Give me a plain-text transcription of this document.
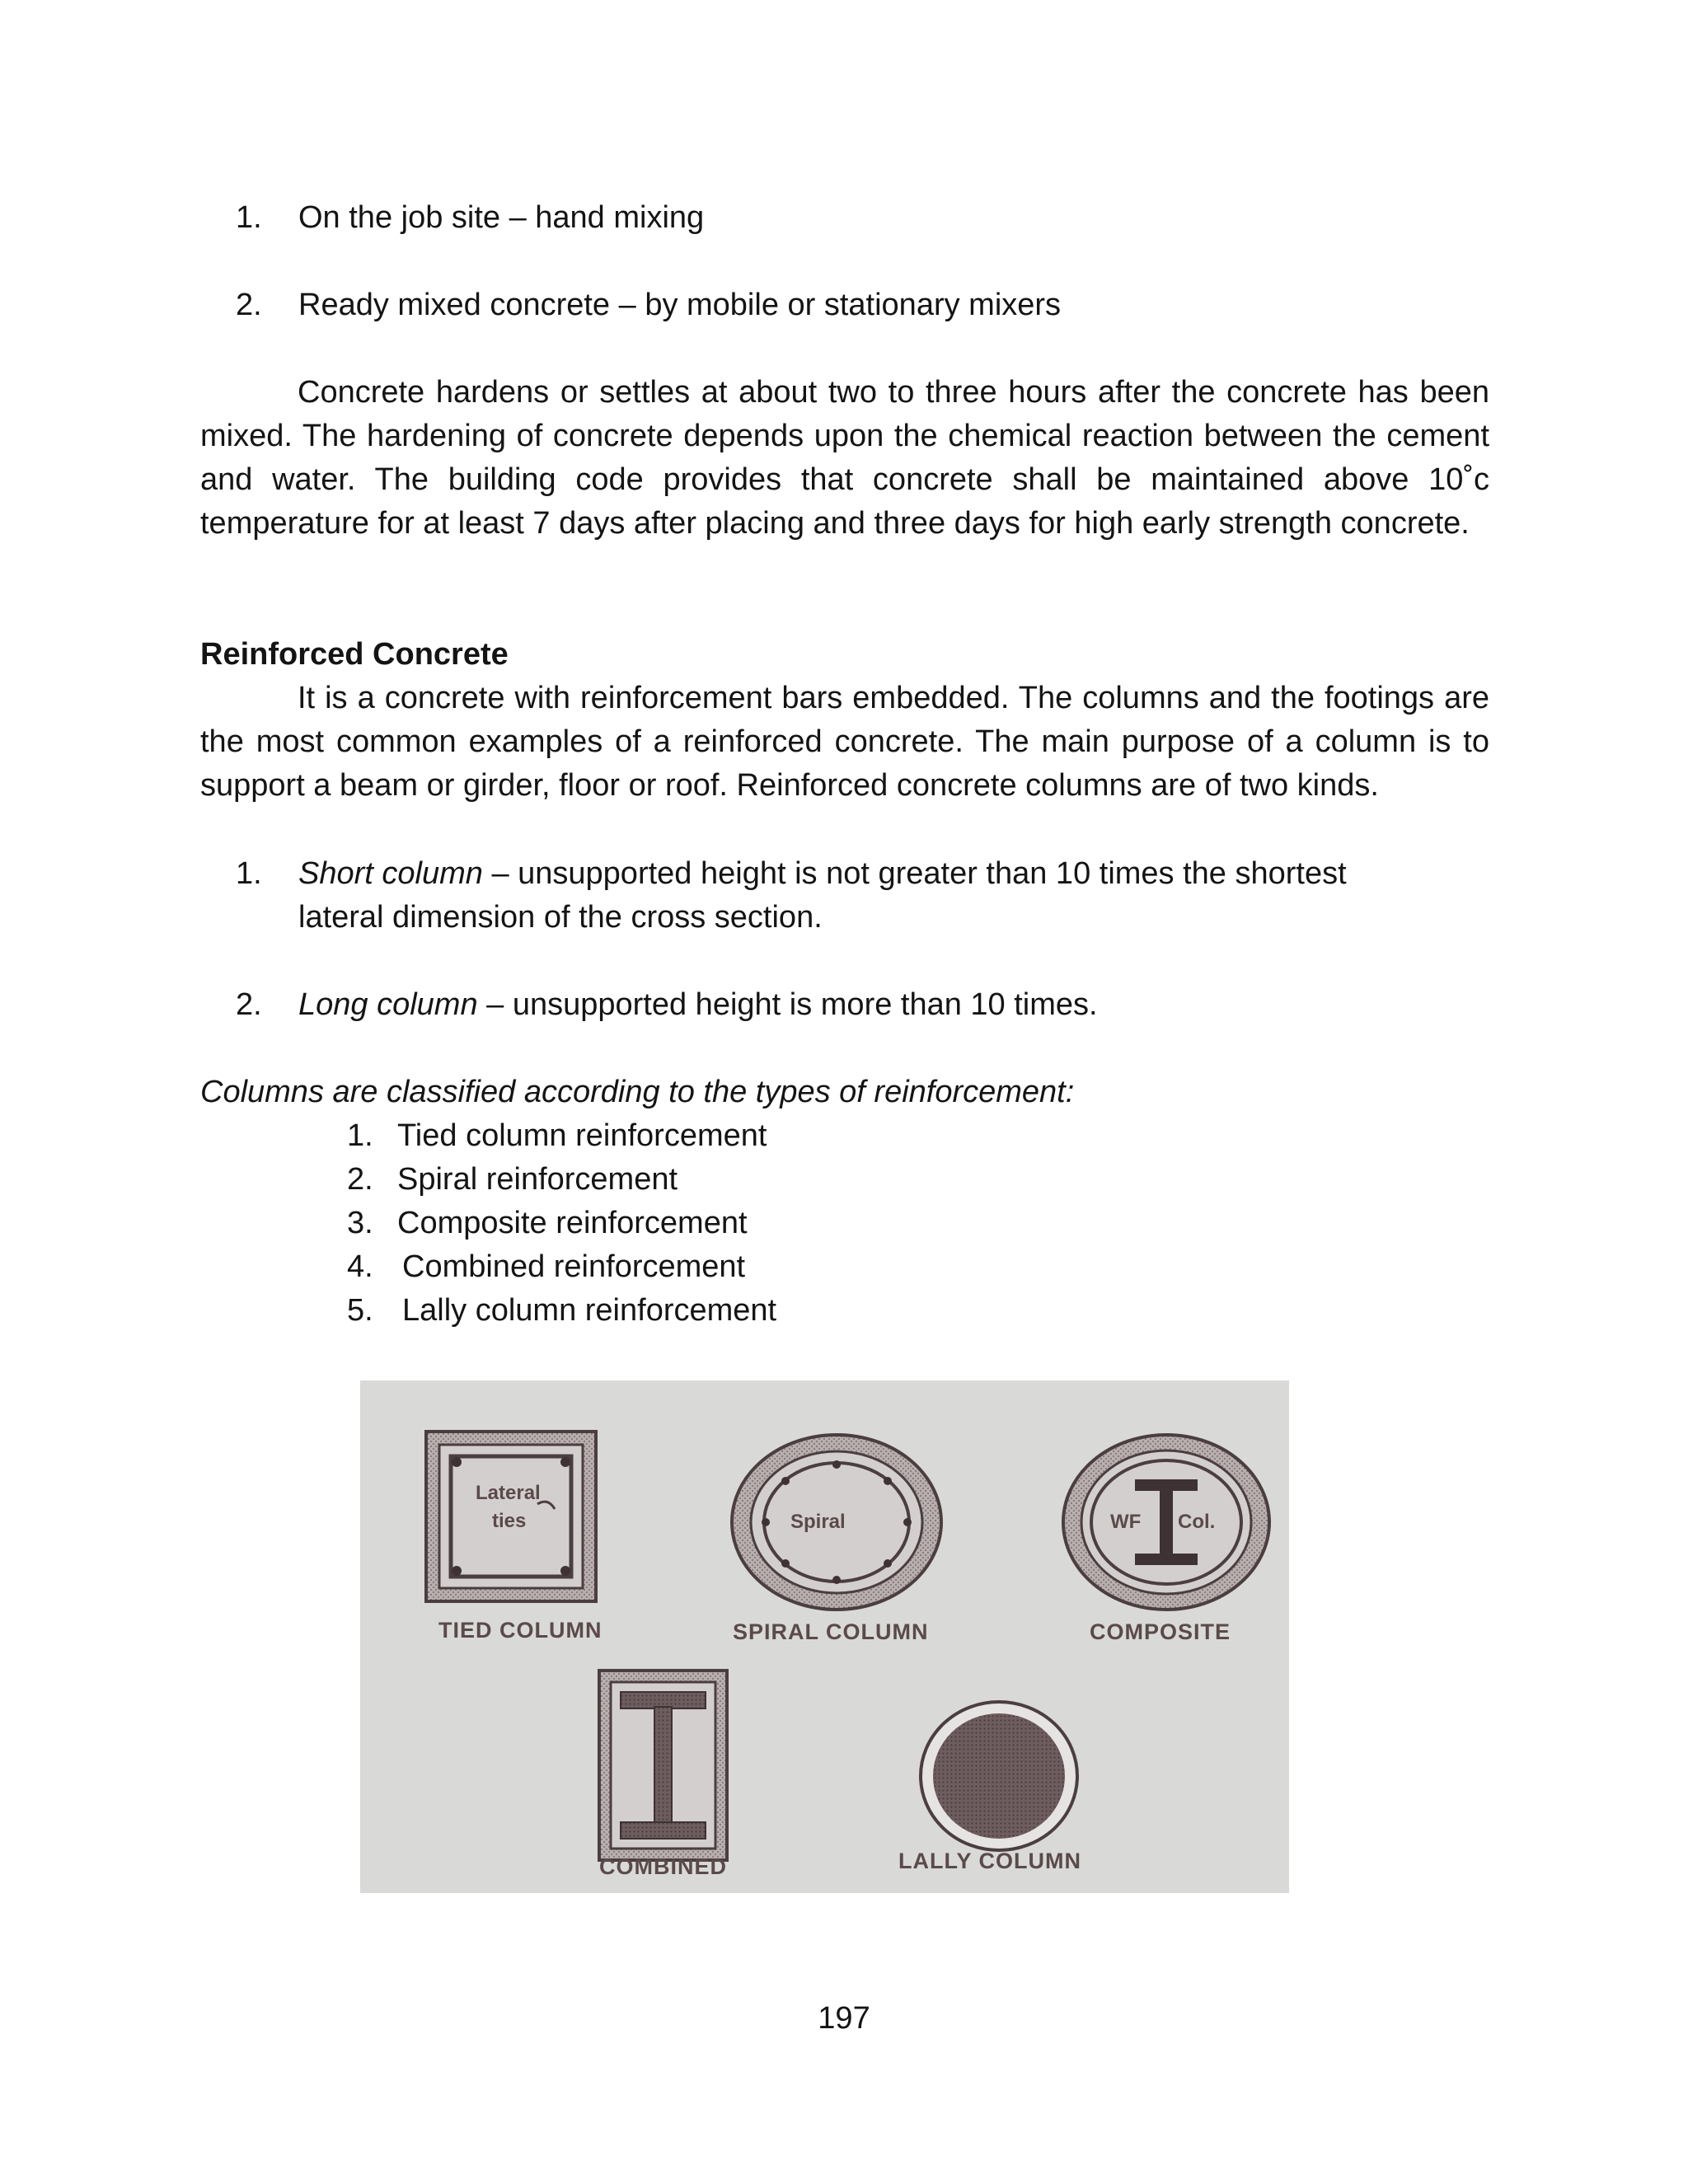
1. On the job site – hand mixing
2. Ready mixed concrete – by mobile or stationary mixers
Concrete hardens or settles at about two to three hours after the concrete has been mixed. The hardening of concrete depends upon the chemical reaction between the cement and water. The building code provides that concrete shall be maintained above 10˚c temperature for at least 7 days after placing and three days for high early strength concrete.
Reinforced Concrete
It is a concrete with reinforcement bars embedded. The columns and the footings are the most common examples of a reinforced concrete. The main purpose of a column is to support a beam or girder, floor or roof. Reinforced concrete columns are of two kinds.
1. Short column – unsupported height is not greater than 10 times the shortest
lateral dimension of the cross section.
2. Long column – unsupported height is more than 10 times.
Columns are classified according to the types of reinforcement:
1. Tied column reinforcement
2. Spiral reinforcement
3. Composite reinforcement
4. Combined reinforcement
5. Lally column reinforcement
Lateral
ties	Spiral	WF Col.
TIED COLUMN	SPIRAL COLUMN	COMPOSITE
COMBINED	LALLY COLUMN
197
